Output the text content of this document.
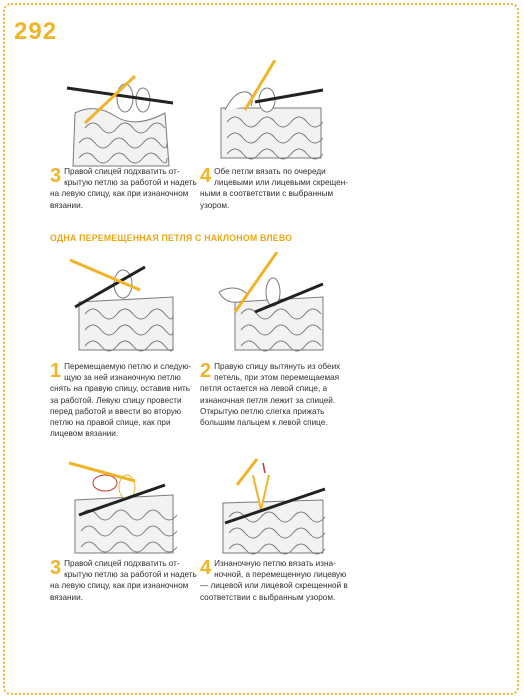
292
3 Правой спицей подхватить открытую петлю за работой и надеть на левую спицу, как при изнаночном вязании.
4 Обе петли вязать по очереди лицевыми или лицевыми скрещенными в соответствии с выбранным узором.
ОДНА ПЕРЕМЕЩЕННАЯ ПЕТЛЯ С НАКЛОНОМ ВЛЕВО
1 Перемещаемую петлю и следующую за ней изнаночную петлю снять на правую спицу, оставив нить за работой. Левую спицу провести перед работой и ввести во вторую петлю на правой спице, как при лицевом вязании.
2 Правую спицу вытянуть из обеих петель, при этом перемещаемая петля остается на левой спице, а изнаночная петля лежит за спицей. Открытую петлю слегка прижать большим пальцем к левой спице.
3 Правой спицей подхватить открытую петлю за работой и надеть на левую спицу, как при изнаночном вязании.
4 Изнаночную петлю вязать изнаночной, а перемещенную лицевую — лицевой или лицевой скрещенной в соответствии с выбранным узором.
